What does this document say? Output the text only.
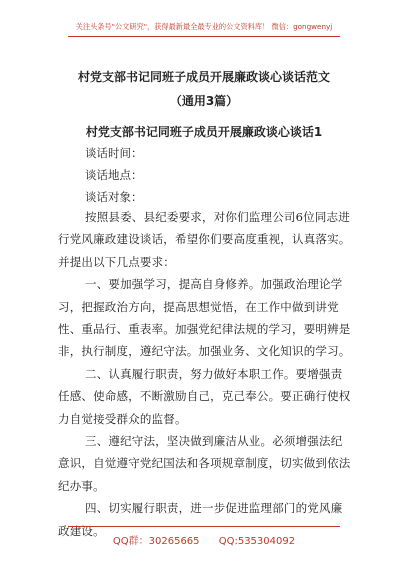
关注头条号"公文研究"，获得最新最全最专业的公文资料库！ 微信：gongwenyj
村党支部书记同班子成员开展廉政谈心谈话范文
（通用3篇）
村党支部书记同班子成员开展廉政谈心谈话1
谈话时间：
谈话地点：
谈话对象：

按照县委、县纪委要求，对你们监理公司6位同志进行党风廉政建设谈话，希望你们要高度重视，认真落实。并提出以下几点要求：

一、要加强学习，提高自身修养。加强政治理论学习，把握政治方向，提高思想觉悟，在工作中做到讲党性、重品行、重表率。加强党纪律法规的学习，要明辨是非，执行制度，遵纪守法。加强业务、文化知识的学习。

二、认真履行职责，努力做好本职工作。要增强责任感、使命感，不断激励自己，克己奉公。要正确行使权力自觉接受群众的监督。

三、遵纪守法，坚决做到廉洁从业。必须增强法纪意识，自觉遵守党纪国法和各项规章制度，切实做到依法纪办事。

四、切实履行职责，进一步促进监理部门的党风廉政建设。

QQ群：30265665 QQ:535304092
